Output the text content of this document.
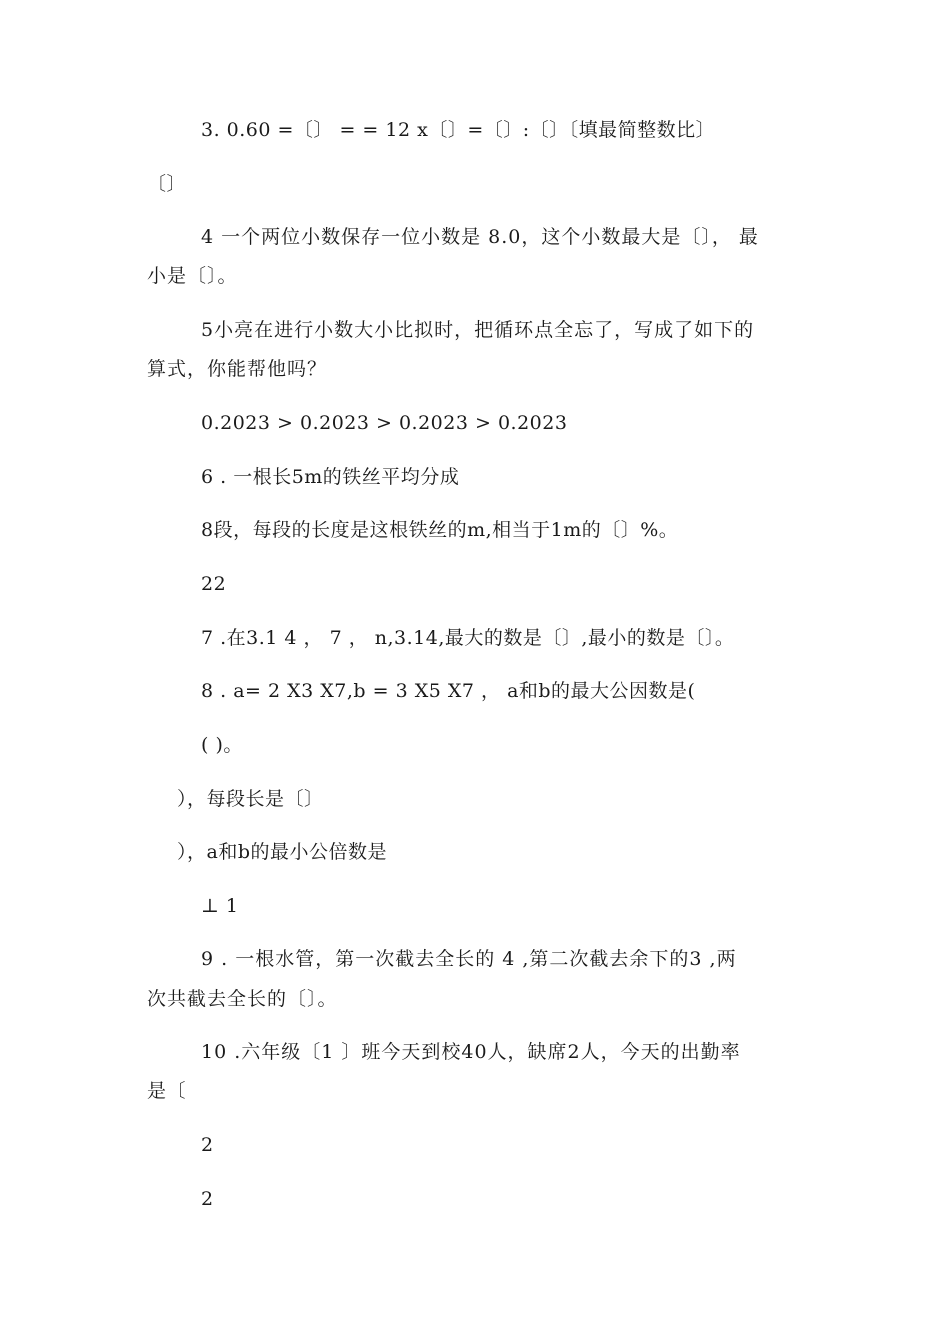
3. 0.60 =〔〕 = = 12 x〔〕=〔〕:〔〕〔填最简整数比〕
〔〕
4 一个两位小数保存一位小数是 8.0，这个小数最大是〔〕， 最
小是〔〕。
5小亮在进行小数大小比拟时，把循环点全忘了，写成了如下的
算式，你能帮他吗？
0.2023 > 0.2023 > 0.2023 > 0.2023
6 . 一根长5m的铁丝平均分成
8段，每段的长度是这根铁丝的m,相当于1m的〔〕%。
22
7 .在3.1 4 ， 7 ， n,3.14,最大的数是〔〕,最小的数是〔〕。
8 . a= 2 X3 X7,b = 3 X5 X7 ， a和b的最大公因数是(
( )。
），每段长是〔〕
），a和b的最小公倍数是
⊥ 1
9 . 一根水管，第一次截去全长的 4 ,第二次截去余下的3 ,两
次共截去全长的〔〕。
10 .六年级〔1 〕班今天到校40人，缺席2人，今天的出勤率
是〔
2
2
